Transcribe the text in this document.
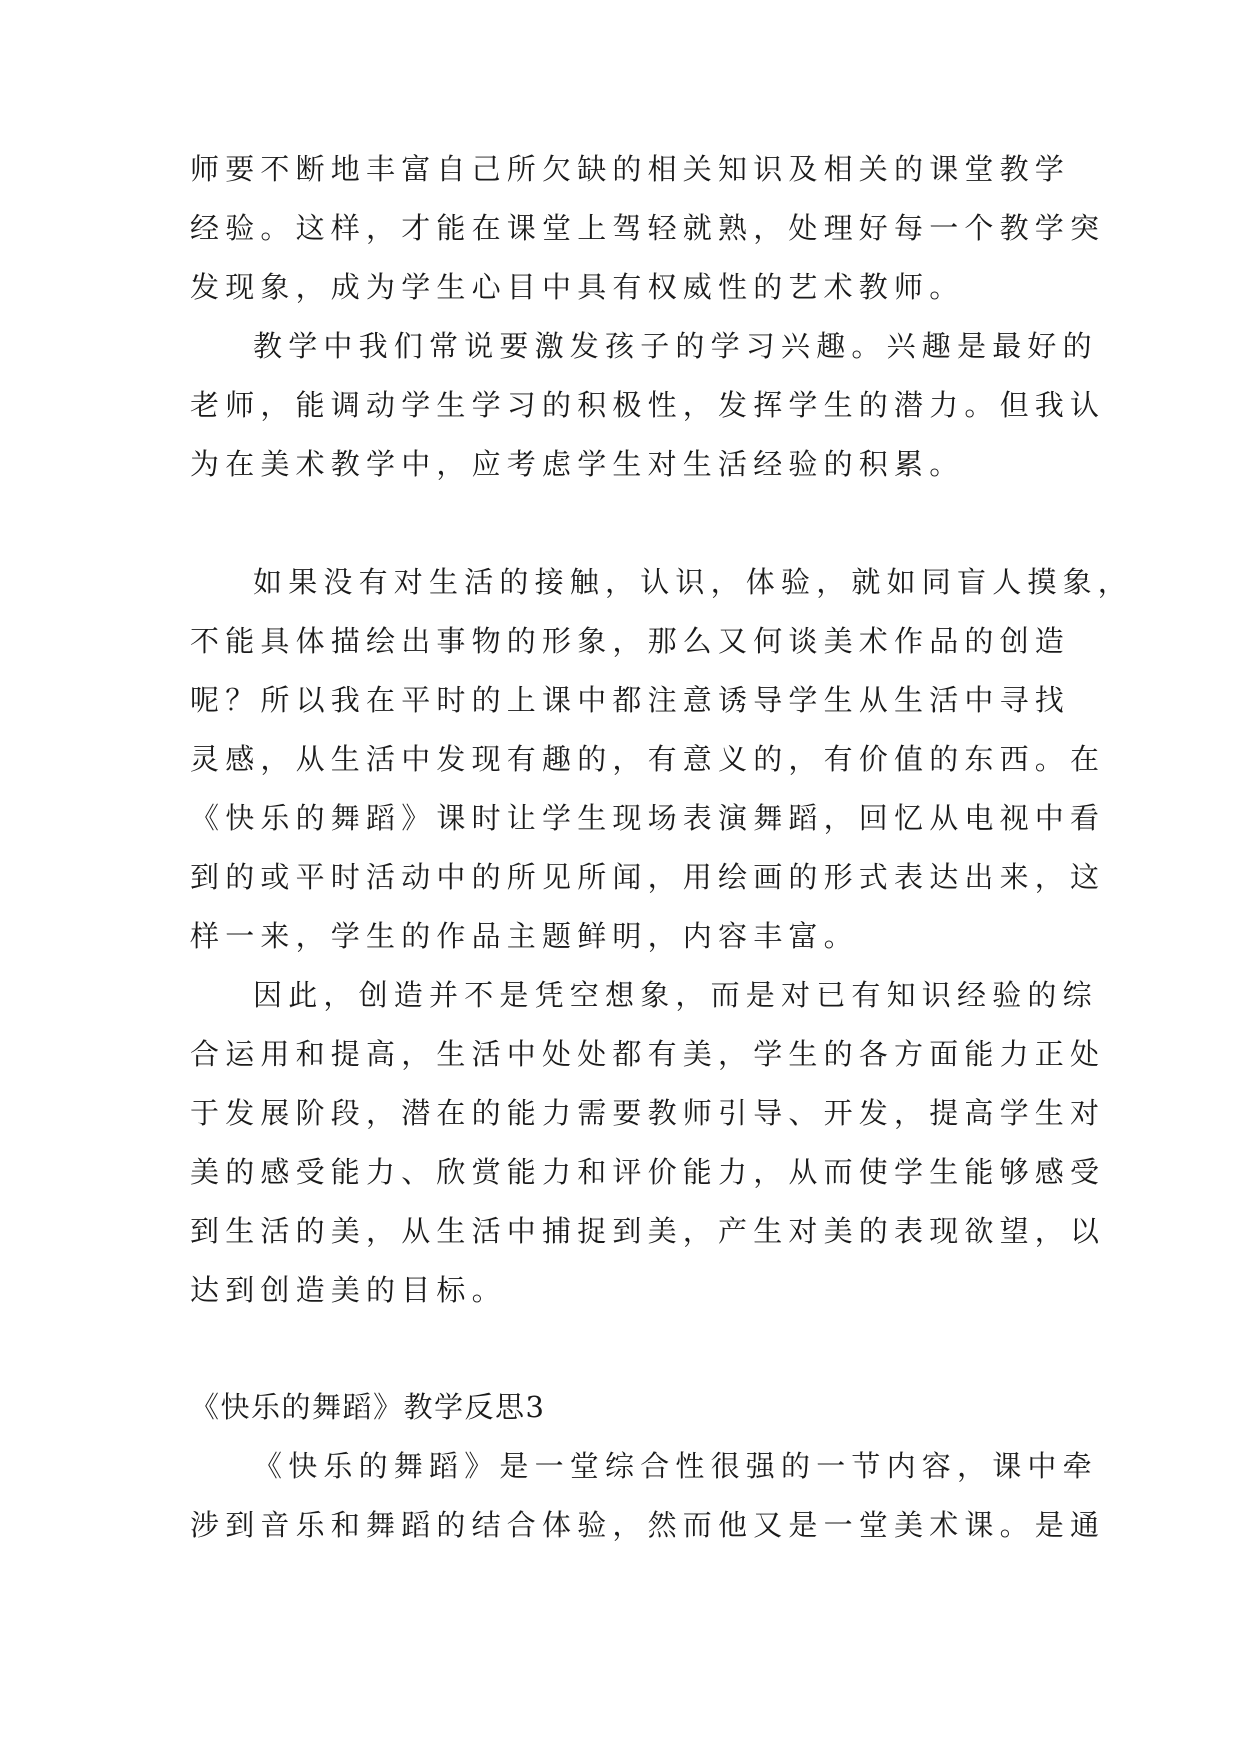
师要不断地丰富自己所欠缺的相关知识及相关的课堂教学
经验。这样，才能在课堂上驾轻就熟，处理好每一个教学突
发现象，成为学生心目中具有权威性的艺术教师。
教学中我们常说要激发孩子的学习兴趣。兴趣是最好的
老师，能调动学生学习的积极性，发挥学生的潜力。但我认
为在美术教学中，应考虑学生对生活经验的积累。
如果没有对生活的接触，认识，体验，就如同盲人摸象，
不能具体描绘出事物的形象，那么又何谈美术作品的创造
呢？所以我在平时的上课中都注意诱导学生从生活中寻找
灵感，从生活中发现有趣的，有意义的，有价值的东西。在
《快乐的舞蹈》课时让学生现场表演舞蹈，回忆从电视中看
到的或平时活动中的所见所闻，用绘画的形式表达出来，这
样一来，学生的作品主题鲜明，内容丰富。
因此，创造并不是凭空想象，而是对已有知识经验的综
合运用和提高，生活中处处都有美，学生的各方面能力正处
于发展阶段，潜在的能力需要教师引导、开发，提高学生对
美的感受能力、欣赏能力和评价能力，从而使学生能够感受
到生活的美，从生活中捕捉到美，产生对美的表现欲望，以
达到创造美的目标。
《快乐的舞蹈》教学反思3
《快乐的舞蹈》是一堂综合性很强的一节内容，课中牵
涉到音乐和舞蹈的结合体验，然而他又是一堂美术课。是通
